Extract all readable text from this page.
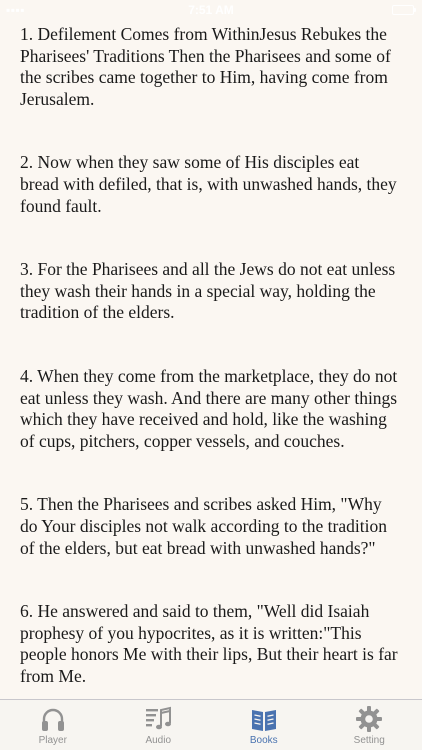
▪▪▪▪	7:51 AM

1. Defilement Comes from WithinJesus Rebukes the Pharisees' Traditions Then the Pharisees and some of the scribes came together to Him, having come from Jerusalem.

2. Now when they saw some of His disciples eat bread with defiled, that is, with unwashed hands, they found fault.

3. For the Pharisees and all the Jews do not eat unless they wash their hands in a special way, holding the tradition of the elders.

4. When they come from the marketplace, they do not eat unless they wash. And there are many other things which they have received and hold, like the washing of cups, pitchers, copper vessels, and couches.

5. Then the Pharisees and scribes asked Him, "Why do Your disciples not walk according to the tradition of the elders, but eat bread with unwashed hands?"

6. He answered and said to them, "Well did Isaiah prophesy of you hypocrites, as it is written:"This people honors Me with their lips, But their heart is far from Me.

Player	Audio	Books	Setting
